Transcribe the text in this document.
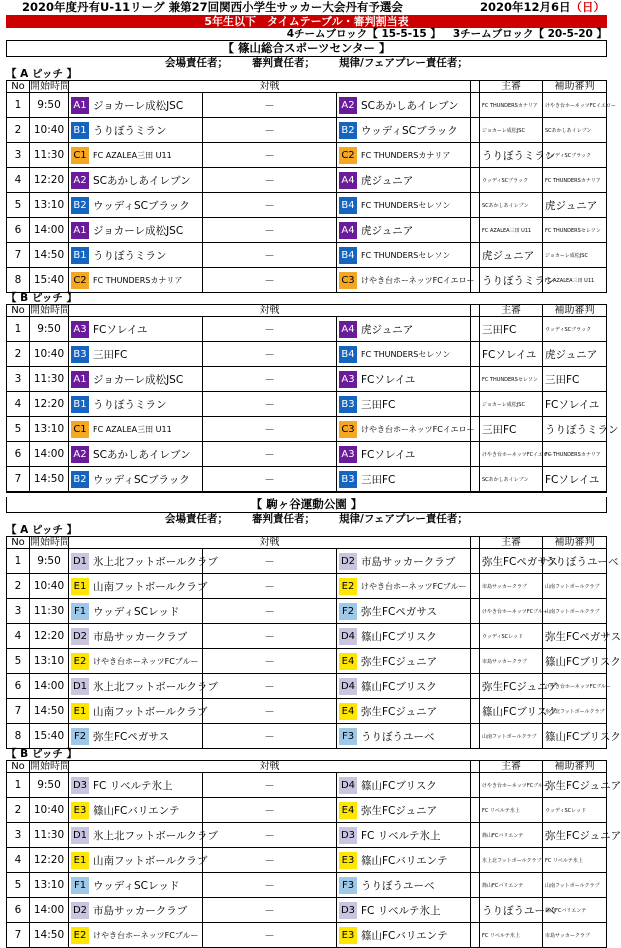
2020年度丹有U-11リーグ 兼第27回関西小学生サッカー大会丹有予選会	2020年12月6日（日）
5年生以下　タイムテーブル・審判割当表
4チームブロック【 15-5-15 】 3チームブロック【 20-5-20 】
【 篠山総合スポーツセンター 】
会場責任者； 審判責任者； 規律/フェアプレー責任者；
【 A ピッチ 】
No	開始時間	対戦				主審	補助審判
1	9:50	A1 ジョカーレ成松JSC	－	A2 SCあかしあイレブン		FC THUNDERSカナリア	けやき台ホーネッツFCイエロー
2	10:40	B1 うりぼうミラン	－	B2 ウッディSCブラック		ジョカーレ成松JSC	SCあかしあイレブン
3	11:30	C1 FC AZALEA三田 U11	－	C2 FC THUNDERSカナリア		うりぼうミラン	ウッディSCブラック
4	12:20	A2 SCあかしあイレブン	－	A4 虎ジュニア		ウッディSCブラック	FC THUNDERSカナリア
5	13:10	B2 ウッディSCブラック	－	B4 FC THUNDERSセレソン		SCあかしあイレブン	虎ジュニア
6	14:00	A1 ジョカーレ成松JSC	－	A4 虎ジュニア		FC AZALEA三田 U11	FC THUNDERSセレソン
7	14:50	B1 うりぼうミラン	－	B4 FC THUNDERSセレソン		虎ジュニア	ジョカーレ成松JSC
8	15:40	C2 FC THUNDERSカナリア	－	C3 けやき台ホーネッツFCイエロー		うりぼうミラン	FC AZALEA三田 U11
【 B ピッチ 】
No	開始時間	対戦				主審	補助審判
1	9:50	A3 FCソレイユ	－	A4 虎ジュニア		三田FC	ウッディSCブラック
2	10:40	B3 三田FC	－	B4 FC THUNDERSセレソン		FCソレイユ	虎ジュニア
3	11:30	A1 ジョカーレ成松JSC	－	A3 FCソレイユ		FC THUNDERSセレソン	三田FC
4	12:20	B1 うりぼうミラン	－	B3 三田FC		ジョカーレ成松JSC	FCソレイユ
5	13:10	C1 FC AZALEA三田 U11	－	C3 けやき台ホーネッツFCイエロー		三田FC	うりぼうミラン
6	14:00	A2 SCあかしあイレブン	－	A3 FCソレイユ		けやき台ホーネッツFCイエロー	FC THUNDERSカナリア
7	14:50	B2 ウッディSCブラック	－	B3 三田FC		SCあかしあイレブン	FCソレイユ
【 駒ヶ谷運動公園 】
会場責任者； 審判責任者； 規律/フェアプレー責任者；
【 A ピッチ 】
No	開始時間	対戦				主審	補助審判
1	9:50	D1 氷上北フットボールクラブ	－	D2 市島サッカークラブ		弥生FCペガサス	うりぼうユーベ
2	10:40	E1 山南フットボールクラブ	－	E2 けやき台ホーネッツFCブルー		市島サッカークラブ	山南フットボールクラブ
3	11:30	F1 ウッディSCレッド	－	F2 弥生FCペガサス		けやき台ホーネッツFCブルー	山南フットボールクラブ
4	12:20	D2 市島サッカークラブ	－	D4 篠山FCブリスク		ウッディSCレッド	弥生FCペガサス
5	13:10	E2 けやき台ホーネッツFCブルー	－	E4 弥生FCジュニア		市島サッカークラブ	篠山FCブリスク
6	14:00	D1 氷上北フットボールクラブ	－	D4 篠山FCブリスク		弥生FCジュニア	けやき台ホーネッツFCブルー
7	14:50	E1 山南フットボールクラブ	－	E4 弥生FCジュニア		篠山FCブリスク	氷上北フットボールクラブ
8	15:40	F2 弥生FCペガサス	－	F3 うりぼうユーベ		山南フットボールクラブ	篠山FCブリスク
【 B ピッチ 】
No	開始時間	対戦				主審	補助審判
1	9:50	D3 FC リベルテ氷上	－	D4 篠山FCブリスク		けやき台ホーネッツFCブルー	弥生FCジュニア
2	10:40	E3 篠山FCバリエンテ	－	E4 弥生FCジュニア		FC リベルテ氷上	ウッディSCレッド
3	11:30	D1 氷上北フットボールクラブ	－	D3 FC リベルテ氷上		篠山FCバリエンテ	弥生FCジュニア
4	12:20	E1 山南フットボールクラブ	－	E3 篠山FCバリエンテ		氷上北フットボールクラブ	FC リベルテ氷上
5	13:10	F1 ウッディSCレッド	－	F3 うりぼうユーベ		篠山FCバリエンテ	山南フットボールクラブ
6	14:00	D2 市島サッカークラブ	－	D3 FC リベルテ氷上		うりぼうユーベ	篠山FCバリエンテ
7	14:50	E2 けやき台ホーネッツFCブルー	－	E3 篠山FCバリエンテ		FC リベルテ氷上	市島サッカークラブ
